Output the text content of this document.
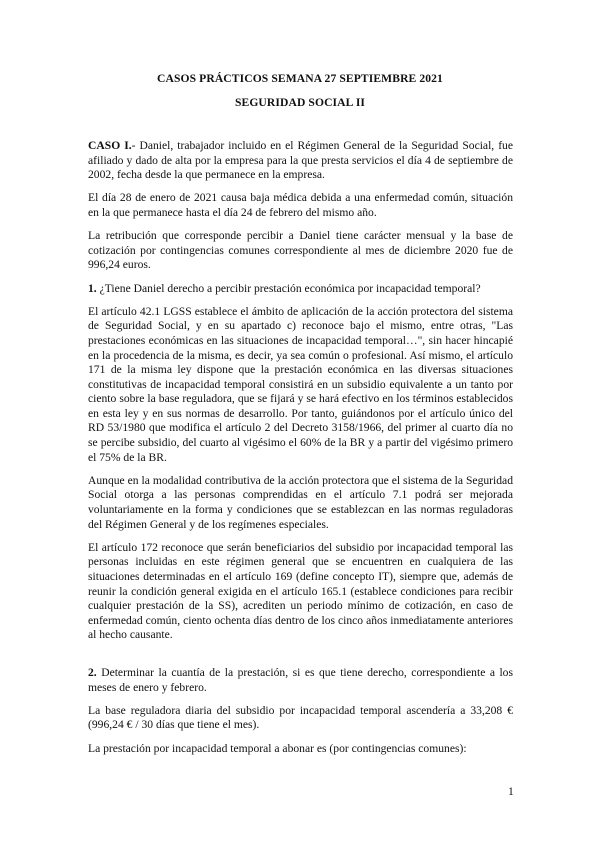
CASOS PRÁCTICOS SEMANA 27 SEPTIEMBRE 2021
SEGURIDAD SOCIAL II

CASO I.- Daniel, trabajador incluido en el Régimen General de la Seguridad Social, fue afiliado y dado de alta por la empresa para la que presta servicios el día 4 de septiembre de 2002, fecha desde la que permanece en la empresa.

El día 28 de enero de 2021 causa baja médica debida a una enfermedad común, situación en la que permanece hasta el día 24 de febrero del mismo año.

La retribución que corresponde percibir a Daniel tiene carácter mensual y la base de cotización por contingencias comunes correspondiente al mes de diciembre 2020 fue de 996,24 euros.

1. ¿Tiene Daniel derecho a percibir prestación económica por incapacidad temporal?

El artículo 42.1 LGSS establece el ámbito de aplicación de la acción protectora del sistema de Seguridad Social, y en su apartado c) reconoce bajo el mismo, entre otras, "Las prestaciones económicas en las situaciones de incapacidad temporal…", sin hacer hincapié en la procedencia de la misma, es decir, ya sea común o profesional. Así mismo, el artículo 171 de la misma ley dispone que la prestación económica en las diversas situaciones constitutivas de incapacidad temporal consistirá en un subsidio equivalente a un tanto por ciento sobre la base reguladora, que se fijará y se hará efectivo en los términos establecidos en esta ley y en sus normas de desarrollo. Por tanto, guiándonos por el artículo único del RD 53/1980 que modifica el artículo 2 del Decreto 3158/1966, del primer al cuarto día no se percibe subsidio, del cuarto al vigésimo el 60% de la BR y a partir del vigésimo primero el 75% de la BR.

Aunque en la modalidad contributiva de la acción protectora que el sistema de la Seguridad Social otorga a las personas comprendidas en el artículo 7.1 podrá ser mejorada voluntariamente en la forma y condiciones que se establezcan en las normas reguladoras del Régimen General y de los regímenes especiales.

El artículo 172 reconoce que serán beneficiarios del subsidio por incapacidad temporal las personas incluidas en este régimen general que se encuentren en cualquiera de las situaciones determinadas en el artículo 169 (define concepto IT), siempre que, además de reunir la condición general exigida en el artículo 165.1 (establece condiciones para recibir cualquier prestación de la SS), acrediten un periodo mínimo de cotización, en caso de enfermedad común, ciento ochenta días dentro de los cinco años inmediatamente anteriores al hecho causante.

2. Determinar la cuantía de la prestación, si es que tiene derecho, correspondiente a los meses de enero y febrero.

La base reguladora diaria del subsidio por incapacidad temporal ascendería a 33,208 € (996,24 € / 30 días que tiene el mes).

La prestación por incapacidad temporal a abonar es (por contingencias comunes):

1
